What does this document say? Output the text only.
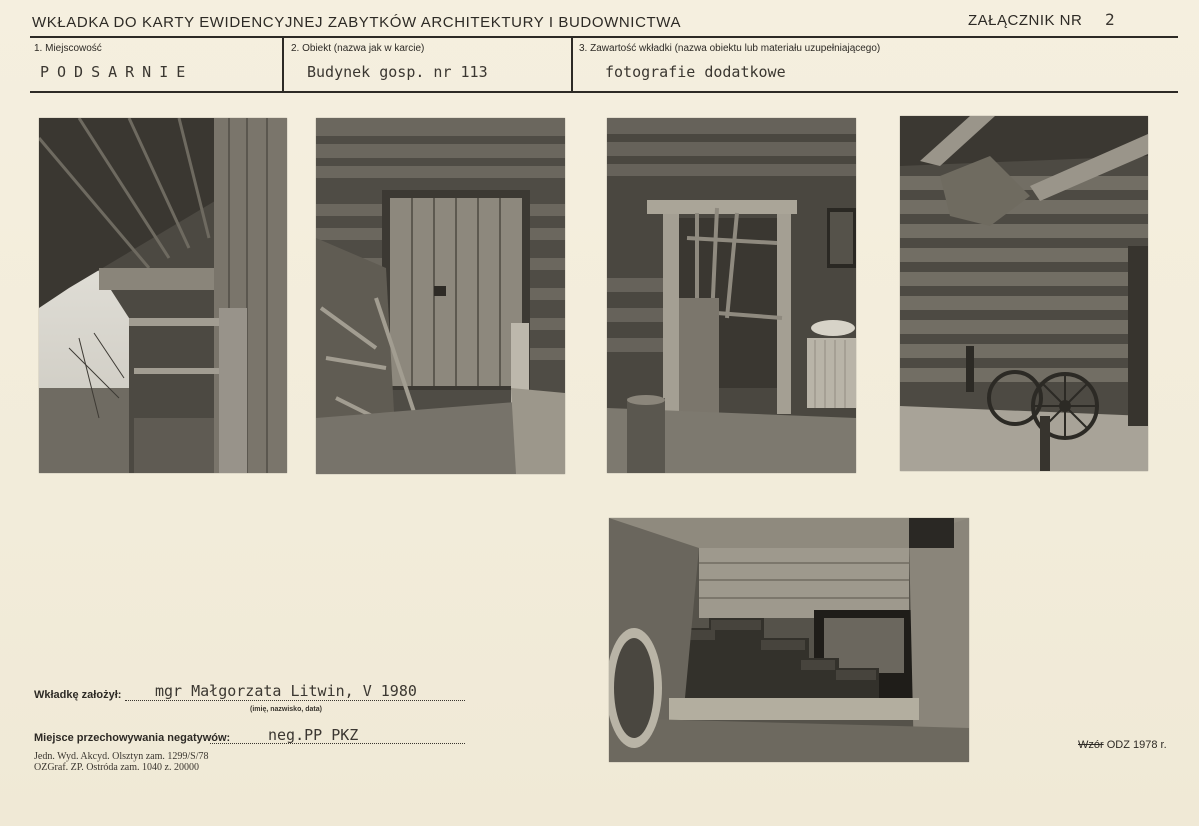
WKŁADKA DO KARTY EWIDENCYJNEJ ZABYTKÓW ARCHITEKTURY I BUDOWNICTWA	ZAŁĄCZNIK NR 2
1. Miejscowość
PODSARNIE
2. Obiekt (nazwa jak w karcie)
Budynek gosp. nr 113
3. Zawartość wkładki (nazwa obiektu lub materiału uzupełniającego)
fotografie dodatkowe
Wkładkę założył: mgr Małgorzata Litwin, V 1980
(imię, nazwisko, data)
Miejsce przechowywania negatywów:	neg.PP PKZ
Jedn. Wyd. Akcyd. Olsztyn zam. 1299/S/78
OZGraf. ZP. Ostróda zam. 1040 z. 20000
Wzór ODZ 1978 r.
